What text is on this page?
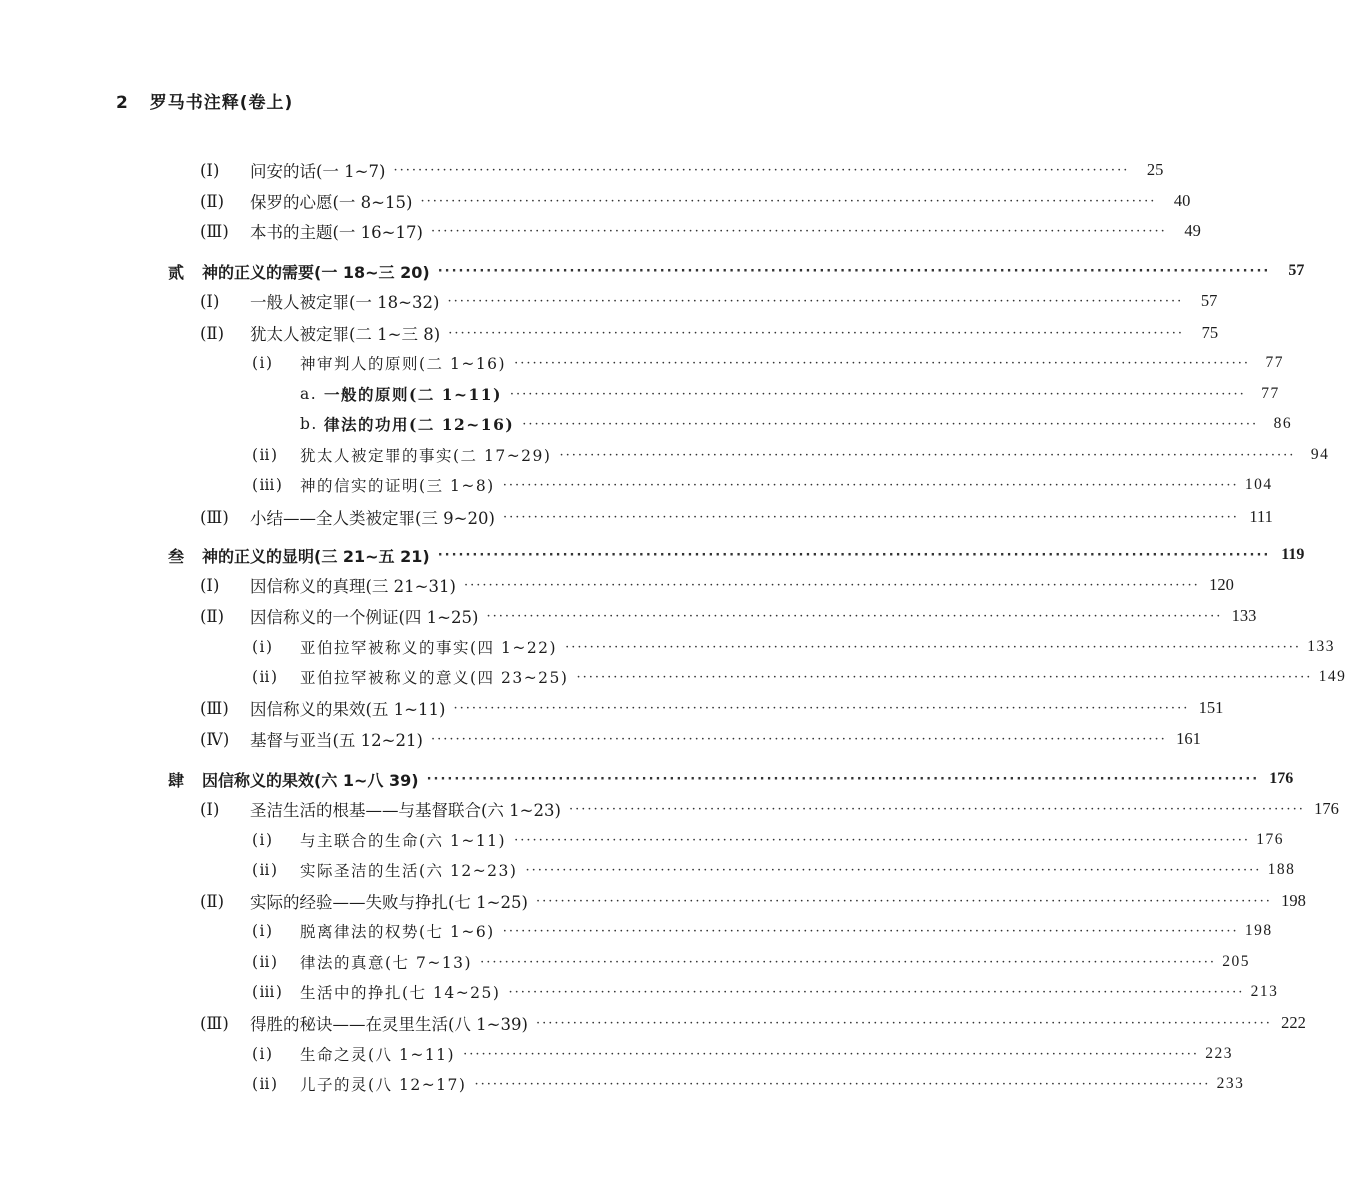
2 罗马书注释(卷上)
(Ⅰ)	问安的话(一 1~7) ························································································································	25
(Ⅱ)	保罗的心愿(一 8~15) ························································································································	40
(Ⅲ)	本书的主题(一 16~17) ························································································································	49
贰	神的正义的需要(一 18~三 20) ························································································································	57
(Ⅰ)	一般人被定罪(一 18~32) ························································································································	57
(Ⅱ)	犹太人被定罪(二 1~三 8) ························································································································	75
(ⅰ)	神审判人的原则(二 1~16) ························································································································	77
a. 一般的原则(二 1~11) ························································································································	77
b. 律法的功用(二 12~16) ························································································································	86
(ⅱ)	犹太人被定罪的事实(二 17~29) ························································································································	94
(ⅲ)	神的信实的证明(三 1~8) ························································································································ 104
(Ⅲ)	小结——全人类被定罪(三 9~20) ························································································································ 111
叁	神的正义的显明(三 21~五 21) ························································································································ 119
(Ⅰ)	因信称义的真理(三 21~31) ························································································································ 120
(Ⅱ)	因信称义的一个例证(四 1~25) ························································································································ 133
(ⅰ)	亚伯拉罕被称义的事实(四 1~22) ························································································································ 133
(ⅱ)	亚伯拉罕被称义的意义(四 23~25) ························································································································ 149
(Ⅲ)	因信称义的果效(五 1~11) ························································································································ 151
(Ⅳ)	基督与亚当(五 12~21) ························································································································ 161
肆	因信称义的果效(六 1~八 39) ························································································································ 176
(Ⅰ)	圣洁生活的根基——与基督联合(六 1~23) ························································································································ 176
(ⅰ)	与主联合的生命(六 1~11) ························································································································ 176
(ⅱ)	实际圣洁的生活(六 12~23) ························································································································ 188
(Ⅱ)	实际的经验——失败与挣扎(七 1~25) ························································································································ 198
(ⅰ)	脱离律法的权势(七 1~6) ························································································································ 198
(ⅱ)	律法的真意(七 7~13) ························································································································ 205
(ⅲ)	生活中的挣扎(七 14~25) ························································································································ 213
(Ⅲ)	得胜的秘诀——在灵里生活(八 1~39) ························································································································ 222
(ⅰ)	生命之灵(八 1~11) ························································································································ 223
(ⅱ)	儿子的灵(八 12~17) ························································································································ 233
